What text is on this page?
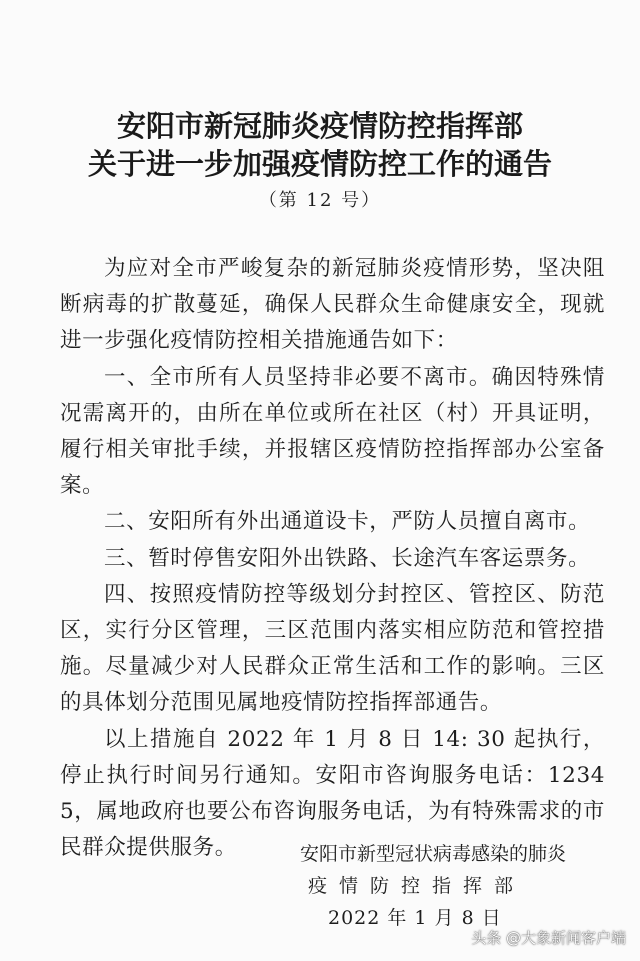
安阳市新冠肺炎疫情防控指挥部
关于进一步加强疫情防控工作的通告
（第 12 号）

为应对全市严峻复杂的新冠肺炎疫情形势，坚决阻断病毒的扩散蔓延，确保人民群众生命健康安全，现就进一步强化疫情防控相关措施通告如下：

一、全市所有人员坚持非必要不离市。确因特殊情况需离开的，由所在单位或所在社区（村）开具证明，履行相关审批手续，并报辖区疫情防控指挥部办公室备案。

二、安阳所有外出通道设卡，严防人员擅自离市。

三、暂时停售安阳外出铁路、长途汽车客运票务。

四、按照疫情防控等级划分封控区、管控区、防范区，实行分区管理，三区范围内落实相应防范和管控措施。尽量减少对人民群众正常生活和工作的影响。三区的具体划分范围见属地疫情防控指挥部通告。

以上措施自 2022 年 1 月 8 日 14: 30 起执行，停止执行时间另行通知。安阳市咨询服务电话：12345，属地政府也要公布咨询服务电话，为有特殊需求的市民群众提供服务。	安阳市新型冠状病毒感染的肺炎
疫情防控指挥部
2022 年 1 月 8 日
头条 @大象新闻客户端
